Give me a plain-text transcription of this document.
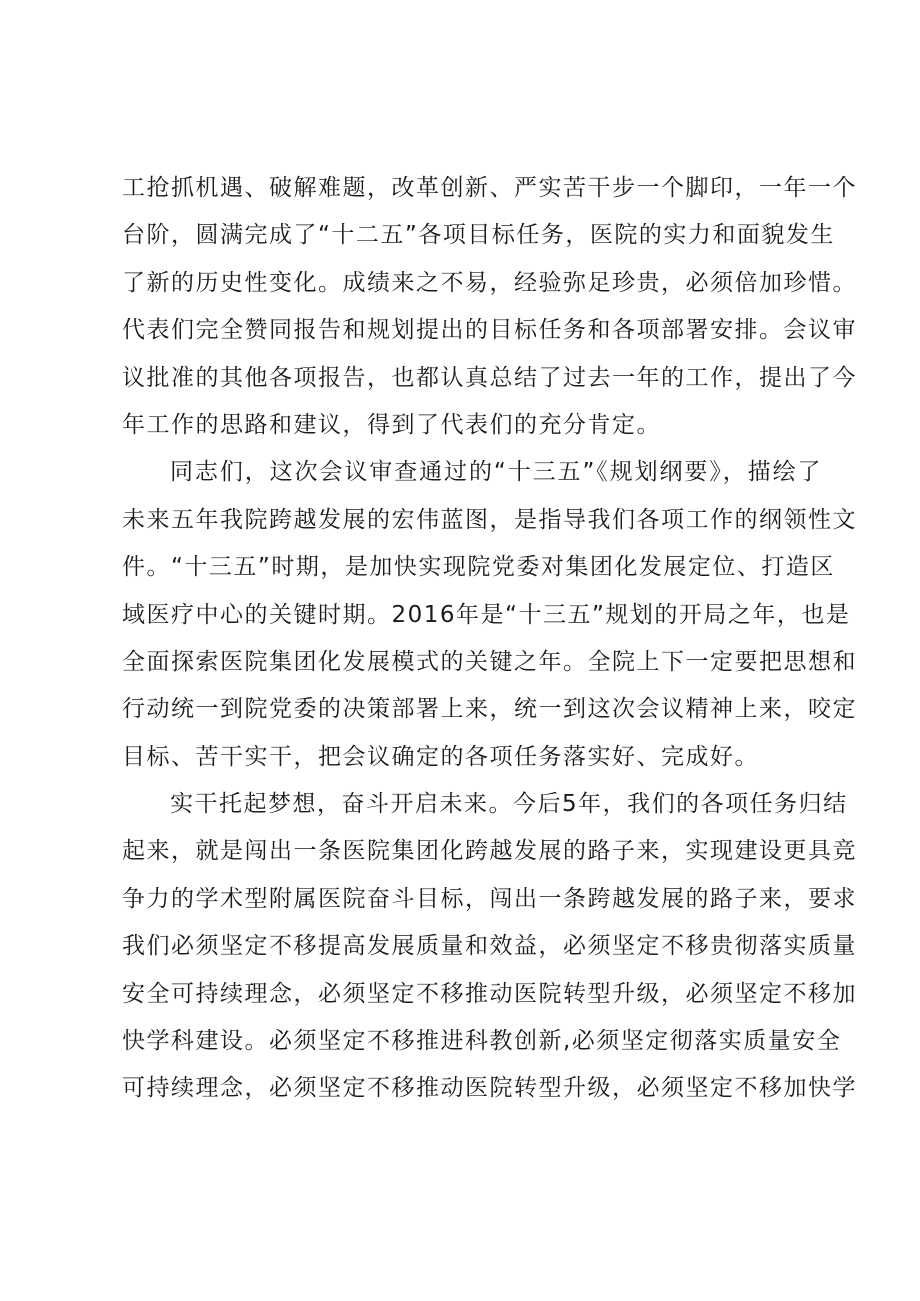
工抢抓机遇、破解难题，改革创新、严实苦干步一个脚印，一年一个
台阶，圆满完成了“十二五”各项目标任务，医院的实力和面貌发生
了新的历史性变化。成绩来之不易，经验弥足珍贵，必须倍加珍惜。
代表们完全赞同报告和规划提出的目标任务和各项部署安排。会议审
议批准的其他各项报告，也都认真总结了过去一年的工作，提出了今
年工作的思路和建议，得到了代表们的充分肯定。
同志们，这次会议审查通过的“十三五”《规划纲要》，描绘了
未来五年我院跨越发展的宏伟蓝图，是指导我们各项工作的纲领性文
件。“十三五”时期，是加快实现院党委对集团化发展定位、打造区
域医疗中心的关键时期。2016年是“十三五”规划的开局之年，也是
全面探索医院集团化发展模式的关键之年。全院上下一定要把思想和
行动统一到院党委的决策部署上来，统一到这次会议精神上来，咬定
目标、苦干实干，把会议确定的各项任务落实好、完成好。
实干托起梦想，奋斗开启未来。今后5年，我们的各项任务归结
起来，就是闯出一条医院集团化跨越发展的路子来，实现建设更具竞
争力的学术型附属医院奋斗目标，闯出一条跨越发展的路子来，要求
我们必须坚定不移提高发展质量和效益，必须坚定不移贵彻落实质量
安全可持续理念，必须坚定不移推动医院转型升级，必须坚定不移加
快学科建设。必须坚定不移推进科教创新,必须坚定彻落实质量安全
可持续理念，必须坚定不移推动医院转型升级，必须坚定不移加快学
